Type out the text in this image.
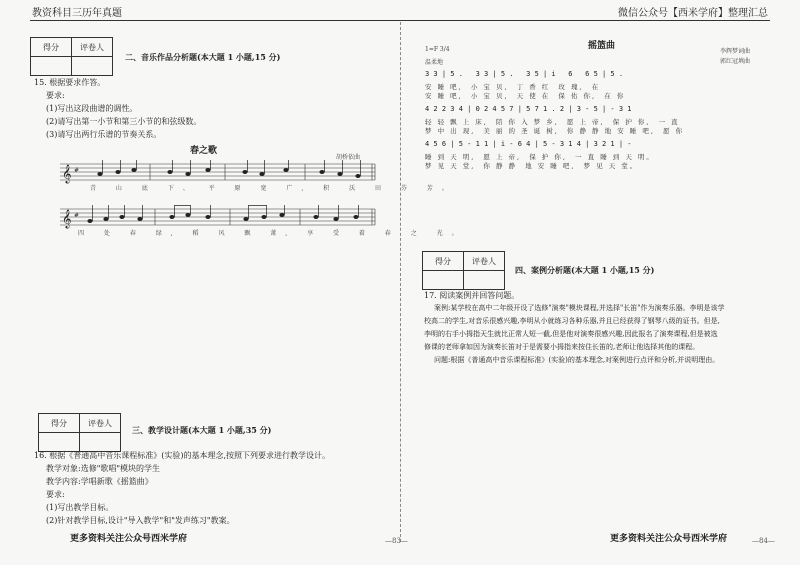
教资科目三历年真题	微信公众号【西米学府】整理汇总
得分	评卷人
二、音乐作品分析题(本大题 1 小题,15 分)
15. 根据要求作答。
要求:
(1)写出这段曲谱的调性。
(2)请写出第一小节和第三小节的和弦级数。
(3)请写出两行乐谱的节奏关系。
春之歌
胡桥依曲
𝄞 #
青 山 底 下、 平 原 宽 广, 积 沃 田 芬 芳。
𝄞 #
四 处 春 绿, 稻 风 飘 萧, 享 受 着 春 之 光。
得分	评卷人
三、教学设计题(本大题 1 小题,35 分)
16. 根据《普通高中音乐课程标准》(实验)的基本理念,按照下列要求进行教学设计。
教学对象:选修"歌唱"模块的学生
教学内容:学唱新歌《摇篮曲》
要求:
(1)写出教学目标。
(2)针对教学目标,设计"导入教学"和"发声练习"教案。
更多资料关注公众号西米学府	—83—
摇篮曲
1=F 3/4
温柔地
李辉梦词曲
郭红冠填曲
3 3 | 5 .   3 3 | 5 .   3 5 | i   6   6 5 | 5 .
安 睡 吧,  小 宝 贝,  丁 香 红  玫 瑰,  在
安 睡 吧,  小 宝 贝,  天 使 在  保 佑 你,  在 你
4 2 2 3 4 | 0 2 4 5 7 | 5 7 1 . 2 | 3 - 5 | - 3 1
轻 轻 飘 上 床,  陪 你 入 梦 乡,  愿 上 帝,  保 护 你,  一 直
梦 中 出 现,  美 丽 的 圣 诞 树,  你 静 静 地 安 睡 吧,  愿 你
4 5 6 | 5 - 1 1 | i - 6 4 | 5 - 3 1 4 | 3 2 1 | -
睡 到 天 明,  愿 上 帝,  保 护 你,  一 直 睡 到 天 明。
梦 见 天 堂,  你 静 静  地 安 睡 吧,  梦 见 天 堂。
得分	评卷人
四、案例分析题(本大题 1 小题,15 分)
17. 阅读案例并回答问题。
案例:某学校在高中二年级开设了选修"演奏"模块课程,并选择"长笛"作为演奏乐器。李明是该学
校高二的学生,对音乐很感兴趣,李明从小就练习各种乐器,并且已经获得了钢琴八级的证书。但是,
李明的右手小拇指天生就比正常人短一截,但是他对演奏很感兴趣,因此报名了演奏课程,但是被选
修课的老师拿如因为演奏长笛对于是需要小拇指来按住长笛的,老师让他选择其他的课程。
问题:根据《普通高中音乐课程标准》(实验)的基本理念,对案例进行点评和分析,并说明理由。
更多资料关注公众号西米学府	—84—
